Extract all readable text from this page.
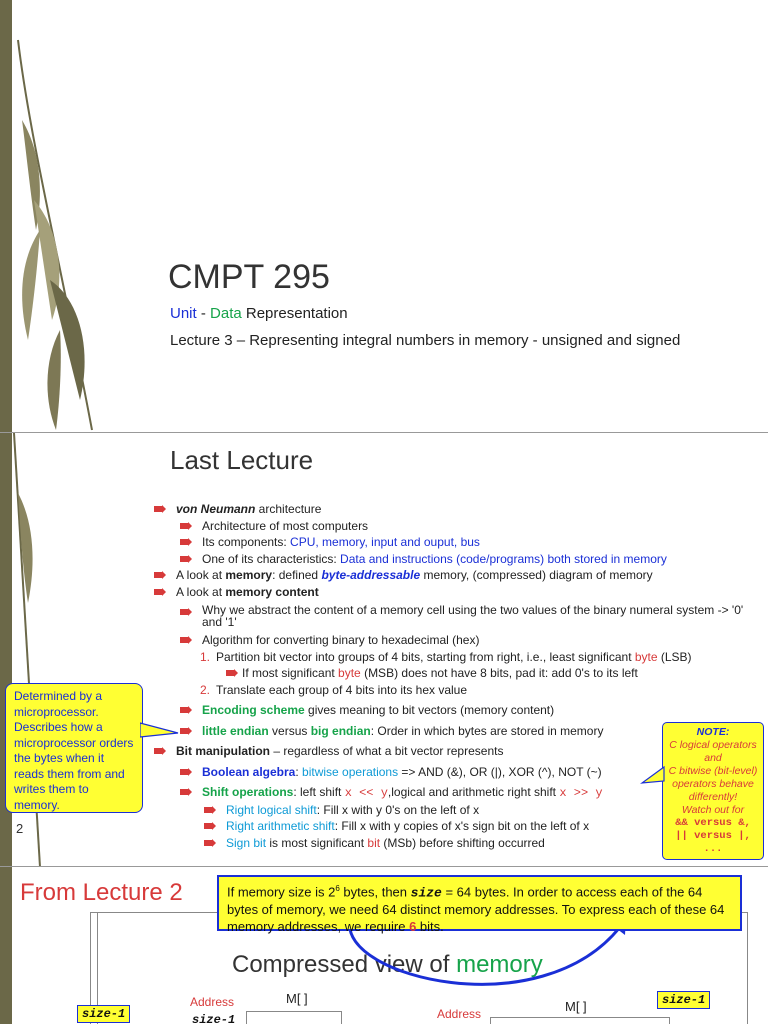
CMPT 295
Unit - Data Representation
Lecture 3 – Representing integral numbers in memory - unsigned and signed
Last Lecture
von Neumann architecture
Architecture of most computers
Its components: CPU, memory, input and ouput, bus
One of its characteristics: Data and instructions (code/programs) both stored in memory
A look at memory: defined byte-addressable memory, (compressed) diagram of memory
A look at memory content
Why we abstract the content of a memory cell using the two values of the binary numeral system -> '0' and '1'
Algorithm for converting binary to hexadecimal (hex)
1. Partition bit vector into groups of 4 bits, starting from right, i.e., least significant byte (LSB)
If most significant byte (MSB) does not have 8 bits, pad it: add 0's to its left
2. Translate each group of 4 bits into its hex value
Encoding scheme gives meaning to bit vectors (memory content)
little endian versus big endian: Order in which bytes are stored in memory
Bit manipulation – regardless of what a bit vector represents
Boolean algebra: bitwise operations => AND (&), OR (|), XOR (^), NOT (~)
Shift operations: left shift x << y,logical and arithmetic right shift x >> y
Right logical shift: Fill x with y 0's on the left of x
Right arithmetic shift: Fill x with y copies of x's sign bit on the left of x
Sign bit is most significant bit (MSb) before shifting occurred
Determined by a microprocessor. Describes how a microprocessor orders the bytes when it reads them from and writes them to memory.
NOTE:
C logical operators and
C bitwise (bit-level) operators behave differently!
Watch out for
&& versus &,
|| versus |, ...
2
From Lecture 2
Compressed view of memory
If memory size is $2^6$ bytes, then size = 64 bytes. In order to access each of the 64 bytes of memory, we need 64 distinct memory addresses. To express each of these 64 memory addresses, we require 6 bits.
Address	M[ ]
Address	M[ ]
size-1	size-1
size-1
